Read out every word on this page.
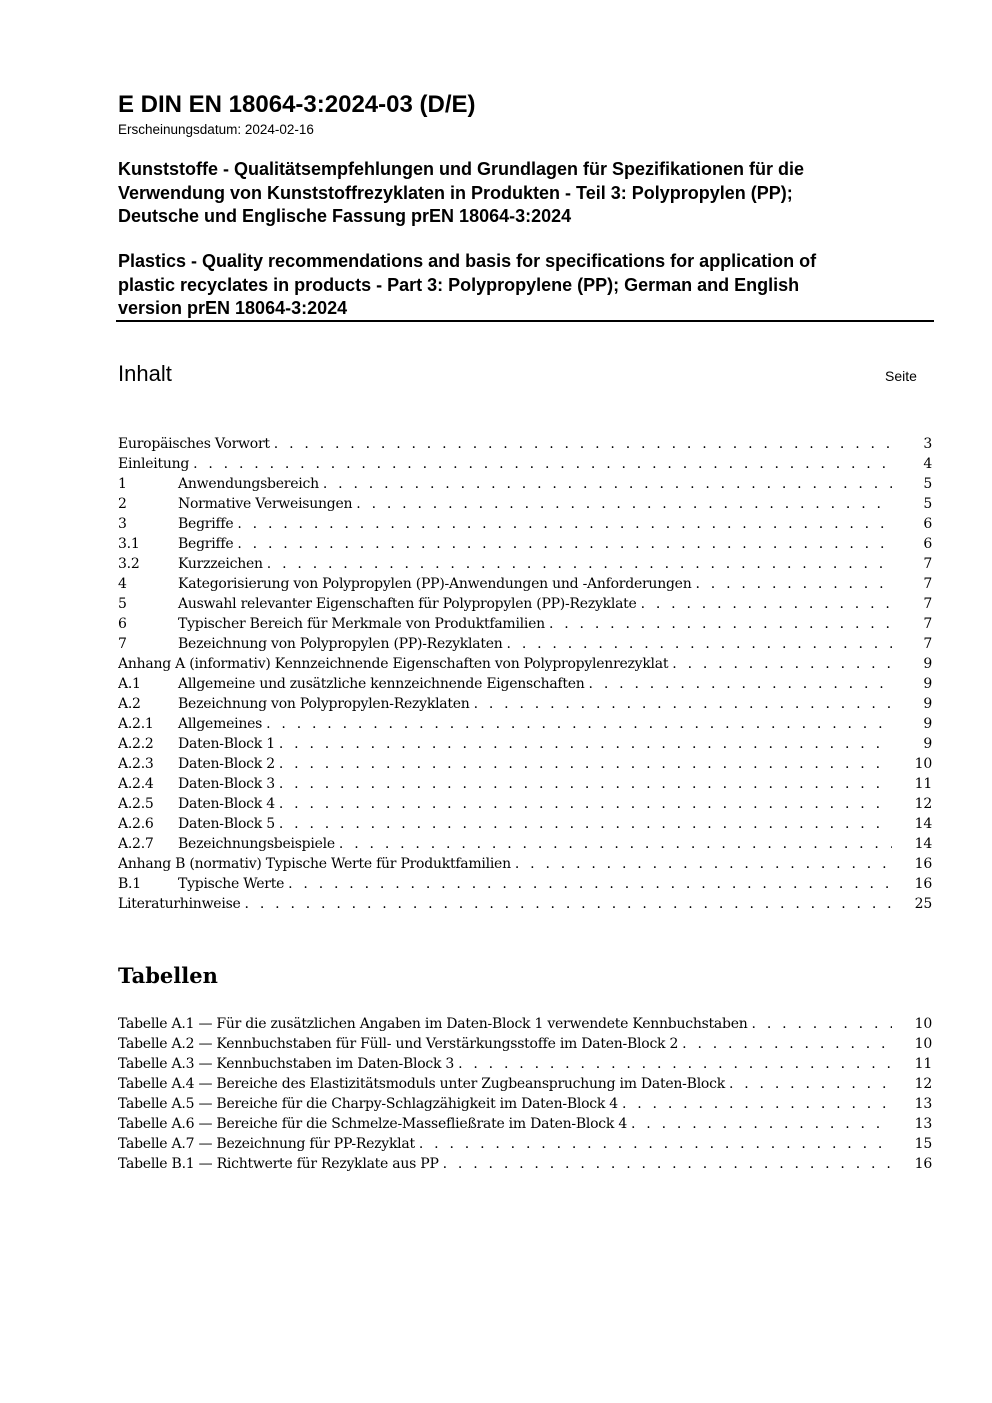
E DIN EN 18064-3:2024-03 (D/E)
Erscheinungsdatum: 2024-02-16
Kunststoffe - Qualitätsempfehlungen und Grundlagen für Spezifikationen für die
Verwendung von Kunststoffrezyklaten in Produkten - Teil 3: Polypropylen (PP);
Deutsche und Englische Fassung prEN 18064-3:2024
Plastics - Quality recommendations and basis for specifications for application of
plastic recyclates in products - Part 3: Polypropylene (PP); German and English
version prEN 18064-3:2024
Inhalt	Seite
Europäisches Vorwort . . .	3
Einleitung . . .	4
1	Anwendungsbereich . . .	5
2	Normative Verweisungen . . .	5
3	Begriffe . . .	6
3.1	Begriffe . . .	6
3.2	Kurzzeichen . . .	7
4	Kategorisierung von Polypropylen (PP)-Anwendungen und -Anforderungen . . .	7
5	Auswahl relevanter Eigenschaften für Polypropylen (PP)-Rezyklate . . .	7
6	Typischer Bereich für Merkmale von Produktfamilien . . .	7
7	Bezeichnung von Polypropylen (PP)-Rezyklaten . . .	7
Anhang A (informativ) Kennzeichnende Eigenschaften von Polypropylenrezyklat . . .	9
A.1	Allgemeine und zusätzliche kennzeichnende Eigenschaften . . .	9
A.2	Bezeichnung von Polypropylen-Rezyklaten . . .	9
A.2.1	Allgemeines . . .	9
A.2.2	Daten-Block 1 . . .	9
A.2.3	Daten-Block 2 . . .	10
A.2.4	Daten-Block 3 . . .	11
A.2.5	Daten-Block 4 . . .	12
A.2.6	Daten-Block 5 . . .	14
A.2.7	Bezeichnungsbeispiele . . .	14
Anhang B (normativ) Typische Werte für Produktfamilien . . .	16
B.1	Typische Werte . . .	16
Literaturhinweise . . .	25
Tabellen
Tabelle A.1 — Für die zusätzlichen Angaben im Daten-Block 1 verwendete Kennbuchstaben . . .	10
Tabelle A.2 — Kennbuchstaben für Füll- und Verstärkungsstoffe im Daten-Block 2 . . .	10
Tabelle A.3 — Kennbuchstaben im Daten-Block 3 . . .	11
Tabelle A.4 — Bereiche des Elastizitätsmoduls unter Zugbeanspruchung im Daten-Block . . .	12
Tabelle A.5 — Bereiche für die Charpy-Schlagzähigkeit im Daten-Block 4 . . .	13
Tabelle A.6 — Bereiche für die Schmelze-Massefließrate im Daten-Block 4 . . .	13
Tabelle A.7 — Bezeichnung für PP-Rezyklat . . .	15
Tabelle B.1 — Richtwerte für Rezyklate aus PP . . .	16
